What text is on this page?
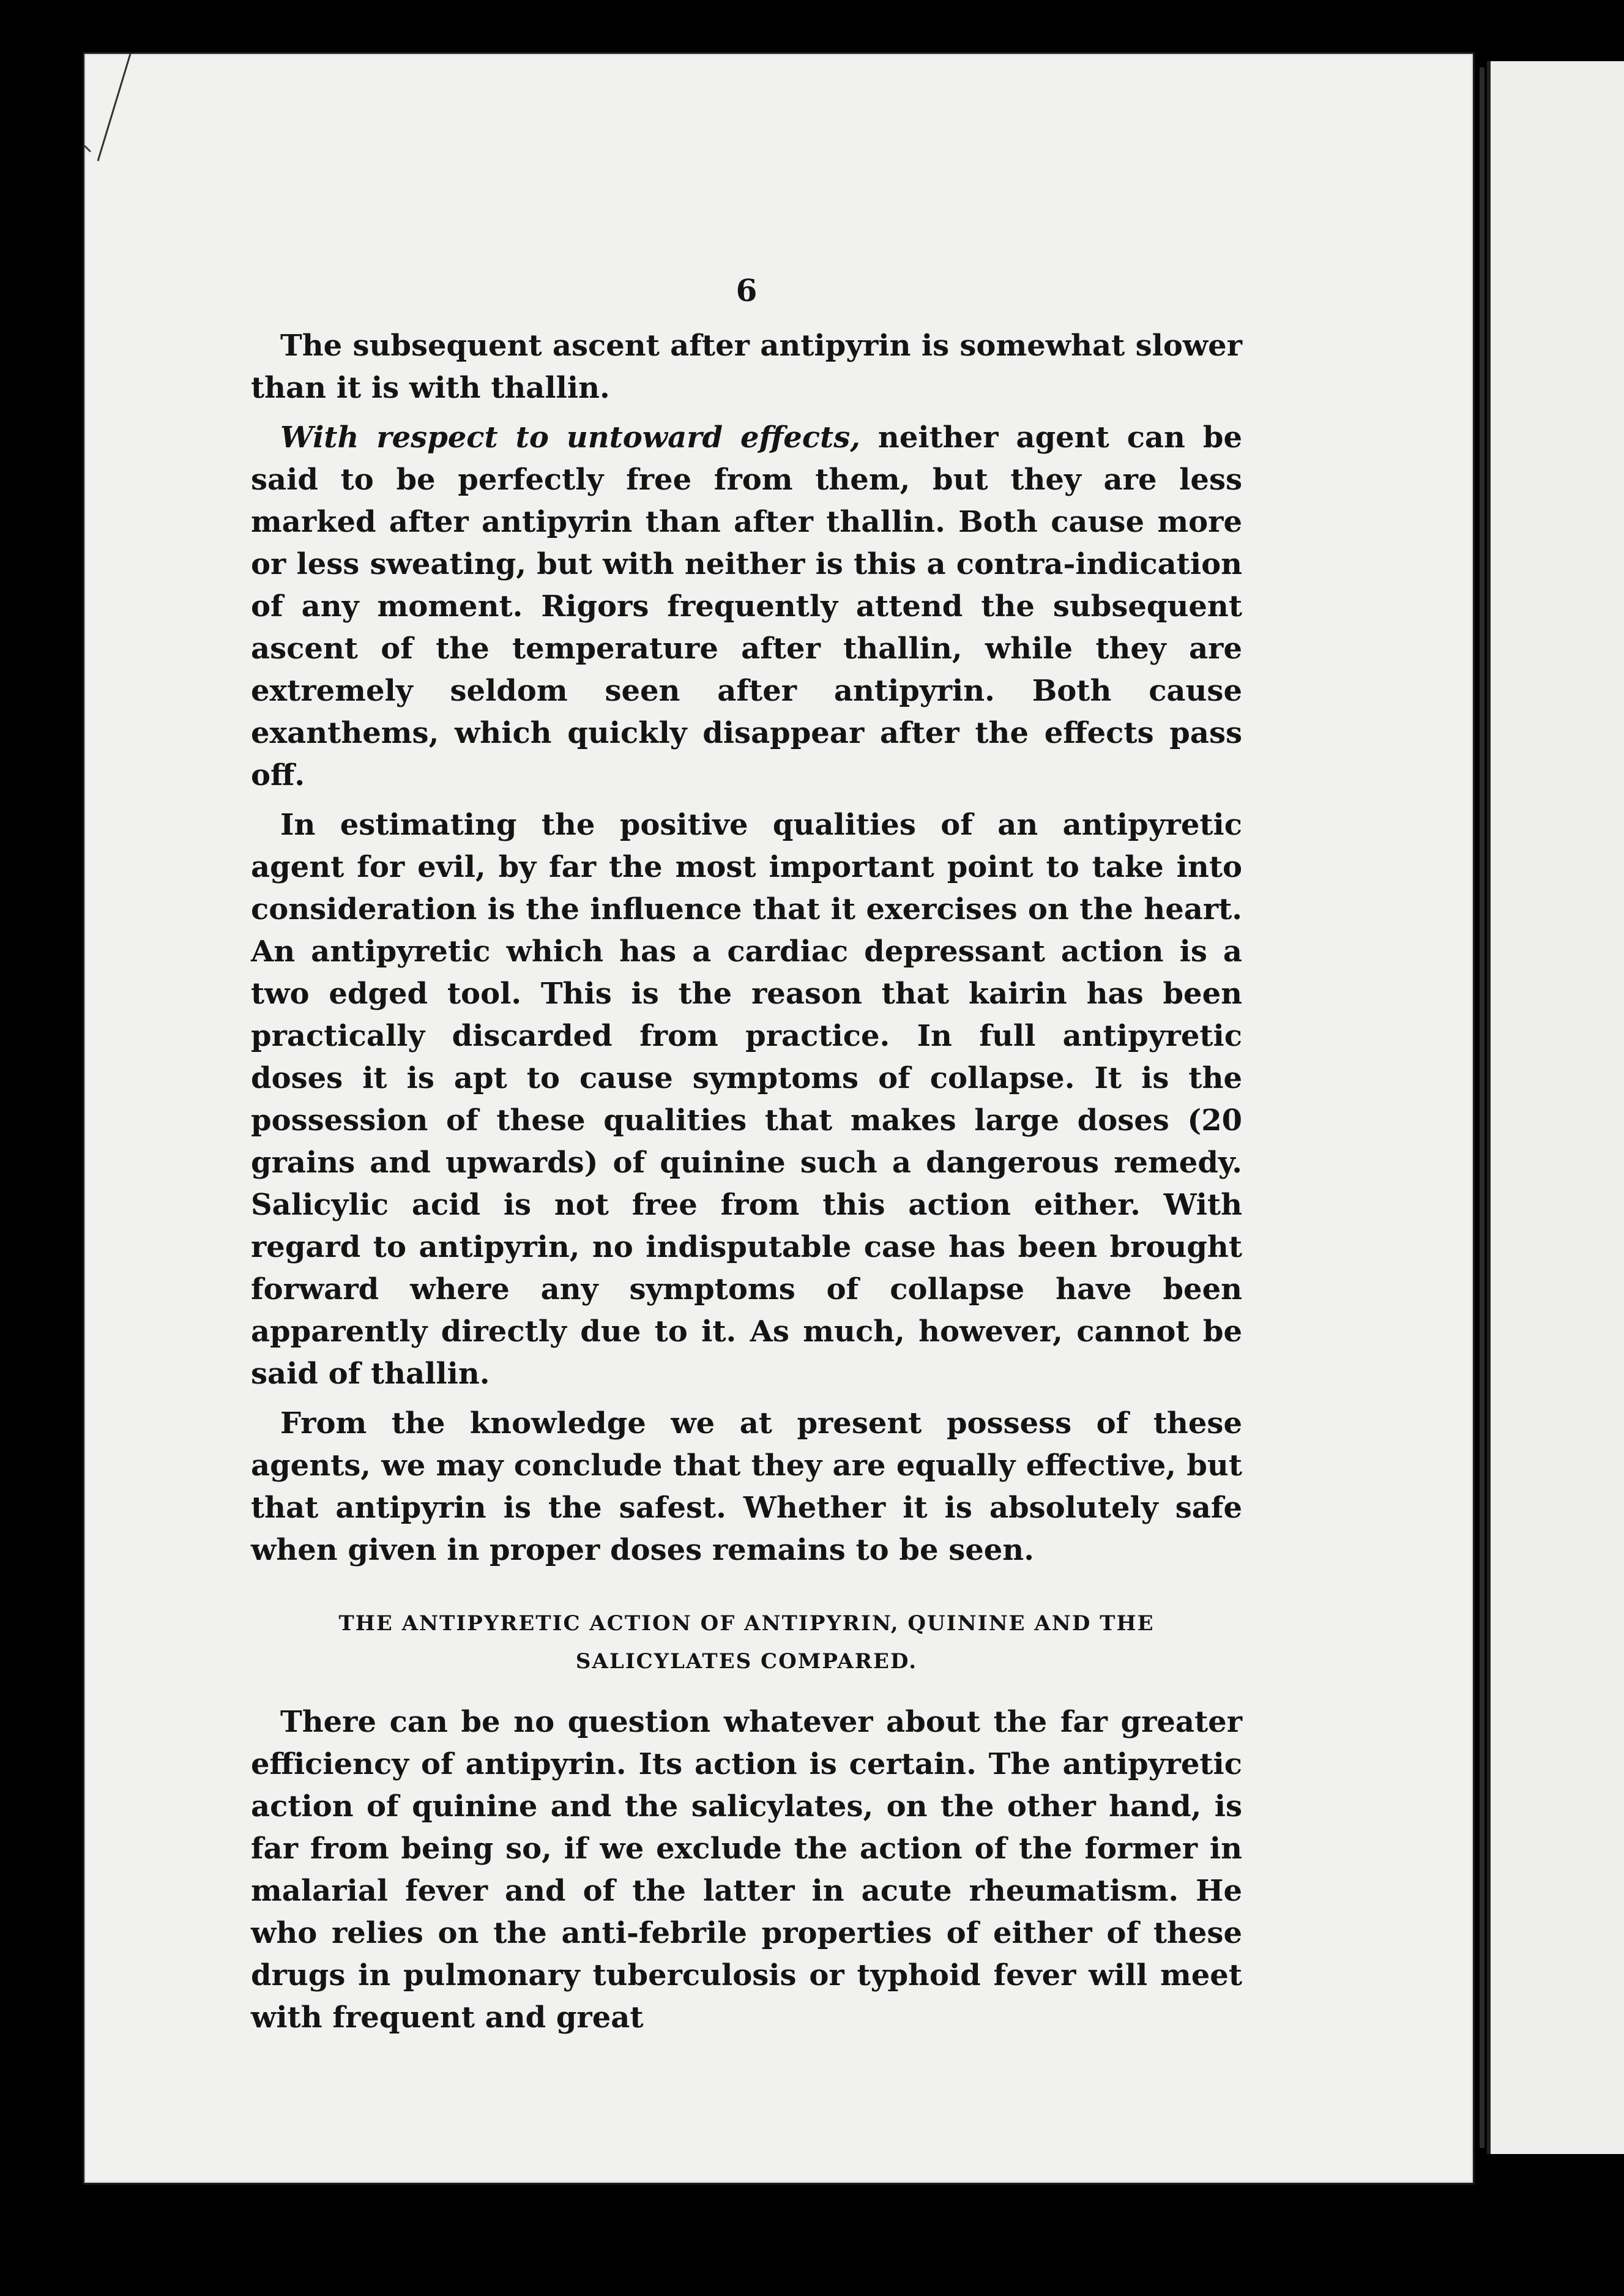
6

The subsequent ascent after antipyrin is somewhat slower than it is with thallin.

With respect to untoward effects, neither agent can be said to be perfectly free from them, but they are less marked after antipyrin than after thallin. Both cause more or less sweating, but with neither is this a contra-indication of any moment. Rigors frequently attend the subsequent ascent of the temperature after thallin, while they are extremely seldom seen after antipyrin. Both cause exanthems, which quickly disappear after the effects pass off.

In estimating the positive qualities of an antipyretic agent for evil, by far the most important point to take into consideration is the influence that it exercises on the heart. An antipyretic which has a cardiac depressant action is a two edged tool. This is the reason that kairin has been practically discarded from practice. In full antipyretic doses it is apt to cause symptoms of collapse. It is the possession of these qualities that makes large doses (20 grains and upwards) of quinine such a dangerous remedy. Salicylic acid is not free from this action either. With regard to antipyrin, no indisputable case has been brought forward where any symptoms of collapse have been apparently directly due to it. As much, however, cannot be said of thallin.

From the knowledge we at present possess of these agents, we may conclude that they are equally effective, but that antipyrin is the safest. Whether it is absolutely safe when given in proper doses remains to be seen.

THE ANTIPYRETIC ACTION OF ANTIPYRIN, QUININE AND THE SALICYLATES COMPARED.

There can be no question whatever about the far greater efficiency of antipyrin. Its action is certain. The antipyretic action of quinine and the salicylates, on the other hand, is far from being so, if we exclude the action of the former in malarial fever and of the latter in acute rheumatism. He who relies on the anti-febrile properties of either of these drugs in pulmonary tuberculosis or typhoid fever will meet with frequent and great
